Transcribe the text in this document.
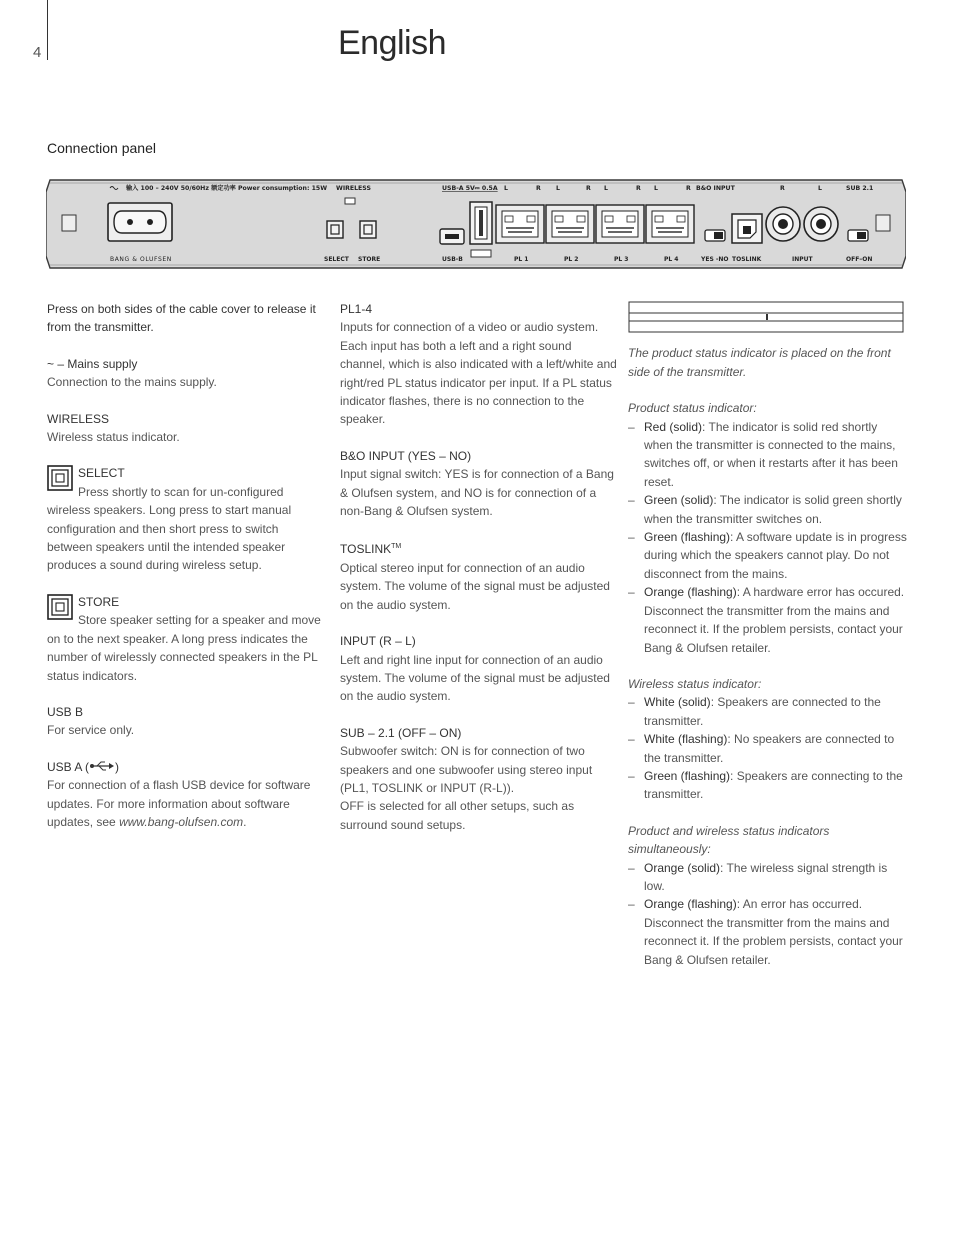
4	English
Connection panel
输入 100 – 240V 50/60Hz 额定功率 Power consumption: 15W WIRELESS	USB-A 5V⎓ 0.5A L	R L	R L	R L	R B&O INPUT	R	L	SUB 2.1
BANG & OLUFSEN	SELECT STORE	USB-B	PL 1	PL 2	PL 3	PL 4	YES -NO TOSLINK	INPUT	OFF–ON

Press on both sides of the cable cover to release it from the transmitter.

~ – Mains supply

Connection to the mains supply.

WIRELESS

Wireless status indicator.

SELECT

Press shortly to scan for un-configured wireless speakers. Long press to start manual configuration and then short press to switch between speakers until the intended speaker produces a sound during wireless setup.

STORE

Store speaker setting for a speaker and move on to the next speaker. A long press indicates the number of wirelessly connected speakers in the PL status indicators.

USB B

For service only.

USB A ( )

For connection of a flash USB device for software updates. For more information about software updates, see www.bang-olufsen.com.

PL1-4

Inputs for connection of a video or audio system. Each input has both a left and a right sound channel, which is also indicated with a left/white and right/red PL status indicator per input. If a PL status indicator flashes, there is no connection to the speaker.

B&O INPUT (YES – NO)

Input signal switch: YES is for connection of a Bang & Olufsen system, and NO is for connection of a non-Bang & Olufsen system.

TOSLINK™

Optical stereo input for connection of an audio system. The volume of the signal must be adjusted on the audio system.

INPUT (R – L)

Left and right line input for connection of an audio system. The volume of the signal must be adjusted on the audio system.

SUB – 2.1 (OFF – ON)

Subwoofer switch: ON is for connection of two speakers and one subwoofer using stereo input (PL1, TOSLINK or INPUT (R-L)).

OFF is selected for all other setups, such as surround sound setups.

The product status indicator is placed on the front side of the transmitter.

Product status indicator:

– Red (solid): The indicator is solid red shortly when the transmitter is connected to the mains, switches off, or when it restarts after it has been reset.
– Green (solid): The indicator is solid green shortly when the transmitter switches on.
– Green (flashing): A software update is in progress during which the speakers cannot play. Do not disconnect from the mains.
– Orange (flashing): A hardware error has occured. Disconnect the transmitter from the mains and reconnect it. If the problem persists, contact your Bang & Olufsen retailer.

Wireless status indicator:

– White (solid): Speakers are connected to the transmitter.
– White (flashing): No speakers are connected to the transmitter.
– Green (flashing): Speakers are connecting to the transmitter.

Product and wireless status indicators simultaneously:

– Orange (solid): The wireless signal strength is low.
– Orange (flashing): An error has occurred. Disconnect the transmitter from the mains and reconnect it. If the problem persists, contact your Bang & Olufsen retailer.
